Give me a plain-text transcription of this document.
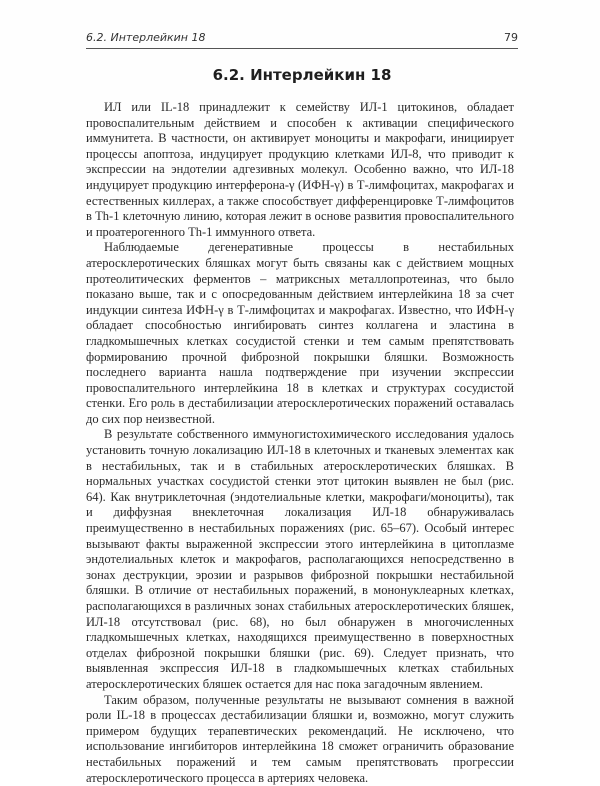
6.2. Интерлейкин 18	79
6.2. Интерлейкин 18

ИЛ или IL-18 принадлежит к семейству ИЛ-1 цитокинов, обладает провоспалительным действием и способен к активации специфического иммунитета. В частности, он активирует моноциты и макрофаги, инициирует процессы апоптоза, индуцирует продукцию клетками ИЛ-8, что приводит к экспрессии на эндотелии адгезивных молекул. Особенно важно, что ИЛ-18 индуцирует продукцию интерферона-γ (ИФН-γ) в Т-лимфоцитах, макрофагах и естественных киллерах, а также способствует дифференцировке Т-лимфоцитов в Th-1 клеточную линию, которая лежит в основе развития провоспалительного и проатерогенного Th-1 иммунного ответа.

Наблюдаемые дегенеративные процессы в нестабильных атеросклеротических бляшках могут быть связаны как с действием мощных протеолитических ферментов – матриксных металлопротеиназ, что было показано выше, так и с опосредованным действием интерлейкина 18 за счет индукции синтеза ИФН-γ в Т-лимфоцитах и макрофагах. Известно, что ИФН-γ обладает способностью ингибировать синтез коллагена и эластина в гладкомышечных клетках сосудистой стенки и тем самым препятствовать формированию прочной фиброзной покрышки бляшки. Возможность последнего варианта нашла подтверждение при изучении экспрессии провоспалительного интерлейкина 18 в клетках и структурах сосудистой стенки. Его роль в дестабилизации атеросклеротических поражений оставалась до сих пор неизвестной.

В результате собственного иммуногистохимического исследования удалось установить точную локализацию ИЛ-18 в клеточных и тканевых элементах как в нестабильных, так и в стабильных атеросклеротических бляшках. В нормальных участках сосудистой стенки этот цитокин выявлен не был (рис. 64). Как внутриклеточная (эндотелиальные клетки, макрофаги/моноциты), так и диффузная внеклеточная локализация ИЛ-18 обнаруживалась преимущественно в нестабильных поражениях (рис. 65–67). Особый интерес вызывают факты выраженной экспрессии этого интерлейкина в цитоплазме эндотелиальных клеток и макрофагов, располагающихся непосредственно в зонах деструкции, эрозии и разрывов фиброзной покрышки нестабильной бляшки. В отличие от нестабильных поражений, в мононуклеарных клетках, располагающихся в различных зонах стабильных атеросклеротических бляшек, ИЛ-18 отсутствовал (рис. 68), но был обнаружен в многочисленных гладкомышечных клетках, находящихся преимущественно в поверхностных отделах фиброзной покрышки бляшки (рис. 69). Следует признать, что выявленная экспрессия ИЛ-18 в гладкомышечных клетках стабильных атеросклеротических бляшек остается для нас пока загадочным явлением.

Таким образом, полученные результаты не вызывают сомнения в важной роли IL-18 в процессах дестабилизации бляшки и, возможно, могут служить примером будущих терапевтических рекомендаций. Не исключено, что использование ингибиторов интерлейкина 18 сможет ограничить образование нестабильных поражений и тем самым препятствовать прогрессии атеросклеротического процесса в артериях человека.
